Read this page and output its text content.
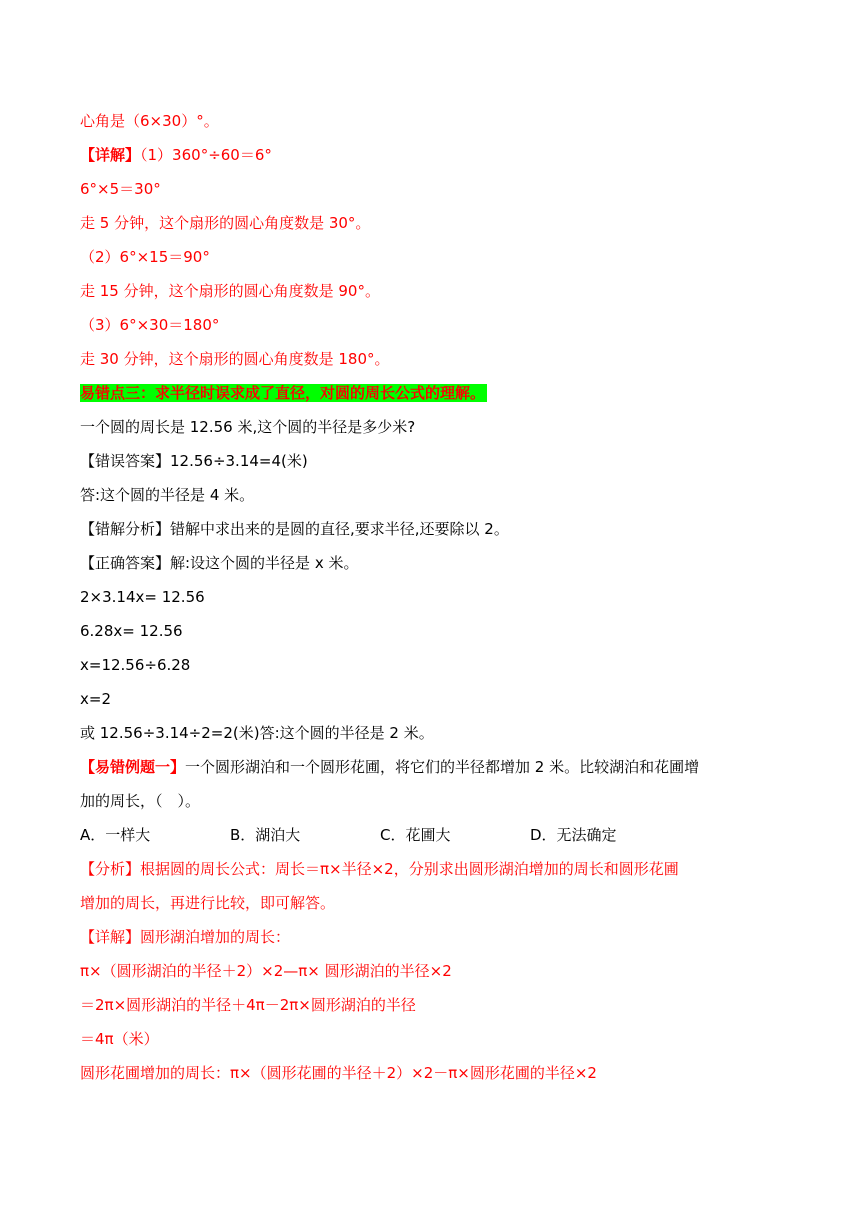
心角是（6×30）°。
【详解】（1）360°÷60＝6°
6°×5＝30°
走 5 分钟，这个扇形的圆心角度数是 30°。
（2）6°×15＝90°
走 15 分钟，这个扇形的圆心角度数是 90°。
（3）6°×30＝180°
走 30 分钟，这个扇形的圆心角度数是 180°。
易错点三：求半径时误求成了直径，对圆的周长公式的理解。
一个圆的周长是 12.56 米,这个圆的半径是多少米?
【错误答案】12.56÷3.14=4(米)
答:这个圆的半径是 4 米。
【错解分析】错解中求出来的是圆的直径,要求半径,还要除以 2。
【正确答案】解:设这个圆的半径是 x 米。
2×3.14x= 12.56
6.28x= 12.56
x=12.56÷6.28
x=2
或 12.56÷3.14÷2=2(米)答:这个圆的半径是 2 米。
【易错例题一】一个圆形湖泊和一个圆形花圃，将它们的半径都增加 2 米。比较湖泊和花圃增
加的周长，（　）。
A．一样大	B．湖泊大	C．花圃大	D．无法确定
【分析】根据圆的周长公式：周长＝π×半径×2，分别求出圆形湖泊增加的周长和圆形花圃
增加的周长，再进行比较，即可解答。
【详解】圆形湖泊增加的周长：
π×（圆形湖泊的半径＋2）×2—π× 圆形湖泊的半径×2
＝2π×圆形湖泊的半径＋4π－2π×圆形湖泊的半径
＝4π（米）
圆形花圃增加的周长：π×（圆形花圃的半径＋2）×2－π×圆形花圃的半径×2
